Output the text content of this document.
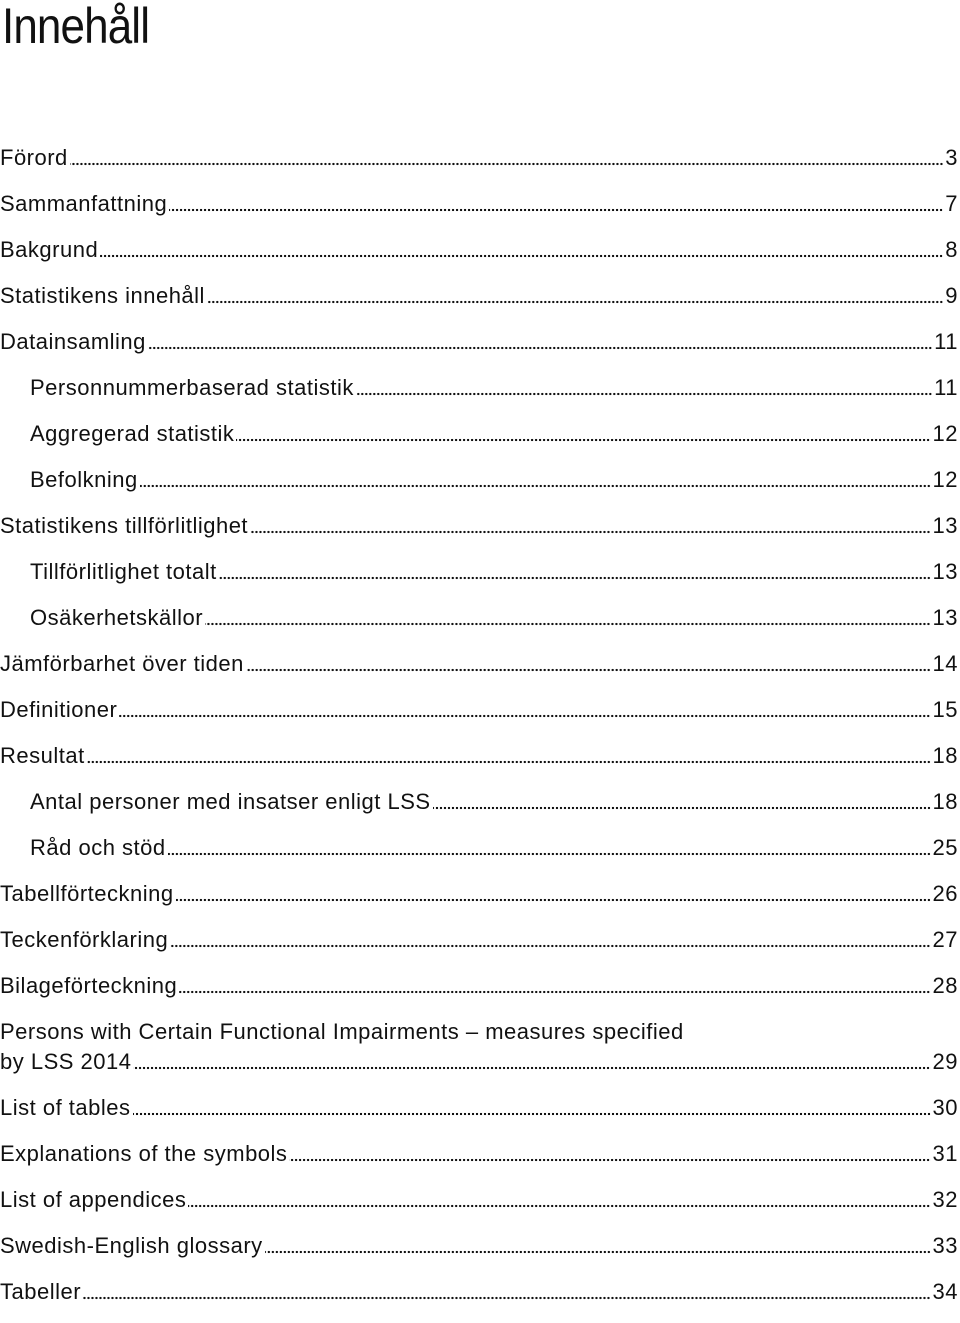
Innehåll
Förord	3
Sammanfattning	7
Bakgrund	8
Statistikens innehåll	9
Datainsamling	11
Personnummerbaserad statistik	11
Aggregerad statistik	12
Befolkning	12
Statistikens tillförlitlighet	13
Tillförlitlighet totalt	13
Osäkerhetskällor	13
Jämförbarhet över tiden	14
Definitioner	15
Resultat	18
Antal personer med insatser enligt LSS	18
Råd och stöd	25
Tabellförteckning	26
Teckenförklaring	27
Bilageförteckning	28
Persons with Certain Functional Impairments – measures specified
by LSS 2014	29
List of tables	30
Explanations of the symbols	31
List of appendices	32
Swedish-English glossary	33
Tabeller	34
